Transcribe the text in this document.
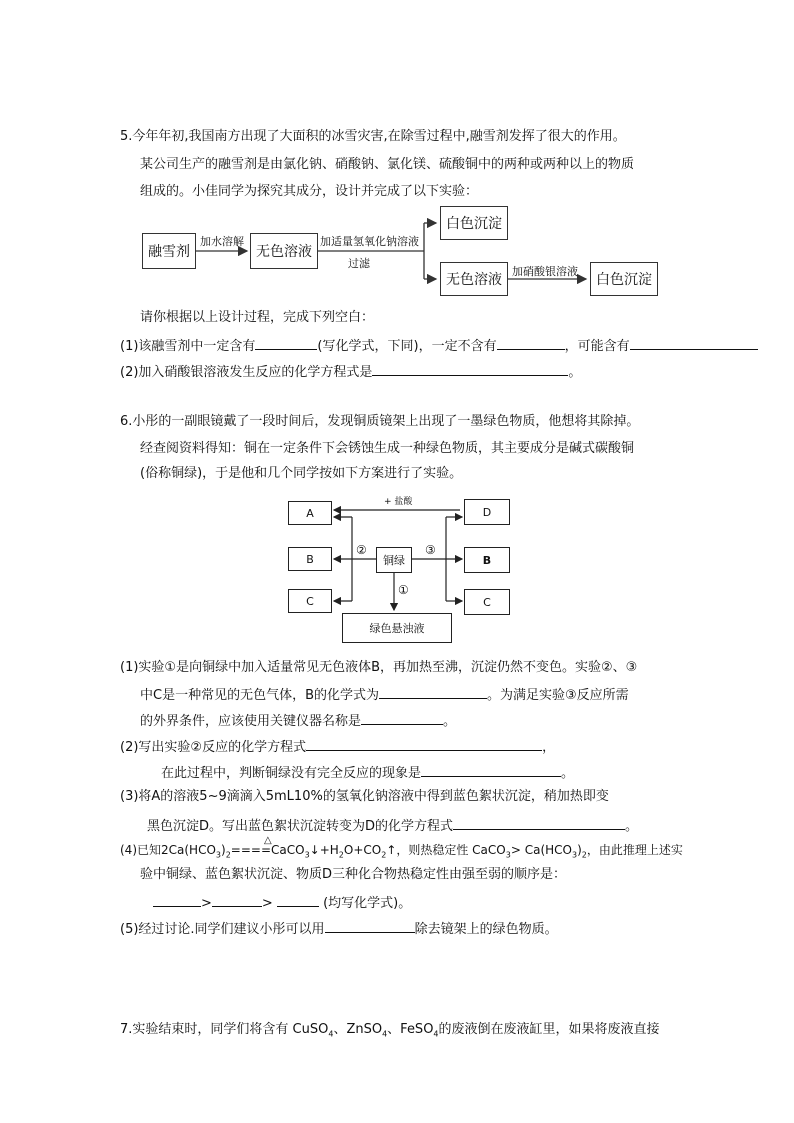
5.今年年初,我国南方出现了大面积的冰雪灾害,在除雪过程中,融雪剂发挥了很大的作用。
某公司生产的融雪剂是由氯化钠、硝酸钠、氯化镁、硫酸铜中的两种或两种以上的物质
组成的。小佳同学为探究其成分，设计并完成了以下实验：
融雪剂
加水溶解
无色溶液
加适量氢氧化钠溶液
过滤
白色沉淀
无色溶液
加硝酸银溶液
白色沉淀
请你根据以上设计过程，完成下列空白：
(1)该融雪剂中一定含有	(写化学式，下同)，一定不含有	，可能含有
(2)加入硝酸银溶液发生反应的化学方程式是	。
6.小彤的一副眼镜戴了一段时间后，发现铜质镜架上出现了一墨绿色物质，他想将其除掉。
经查阅资料得知：铜在一定条件下会锈蚀生成一种绿色物质，其主要成分是碱式碳酸铜
(俗称铜绿)，于是他和几个同学按如下方案进行了实验。
A
B
C
D
B
C
铜绿
绿色悬浊液
+ 盐酸
②	③
①
(1)实验①是向铜绿中加入适量常见无色液体B，再加热至沸，沉淀仍然不变色。实验②、③
中C是一种常见的无色气体，B的化学式为	。为满足实验③反应所需
的外界条件，应该使用关键仪器名称是	。
(2)写出实验②反应的化学方程式	，
在此过程中，判断铜绿没有完全反应的现象是	。
(3)将A的溶液5~9滴滴入5mL10%的氢氧化钠溶液中得到蓝色絮状沉淀，稍加热即变
黑色沉淀D。写出蓝色絮状沉淀转变为D的化学方程式	。
(4)已知$2Ca(HCO_3)_2====$
△
$CaCO_3↓+H_2O+CO_2↑$，则热稳定性 CaCO$_3$> $Ca(HCO_3)_2$，由此推理上述实
验中铜绿、蓝色絮状沉淀、物质D三种化合物热稳定性由强至弱的顺序是：
>	>	(均写化学式)。
(5)经过讨论.同学们建议小彤可以用	除去镜架上的绿色物质。
7.实验结束时，同学们将含有 CuSO$_4$、ZnSO$_4$、FeSO$_4$的废液倒在废液缸里，如果将废液直接
